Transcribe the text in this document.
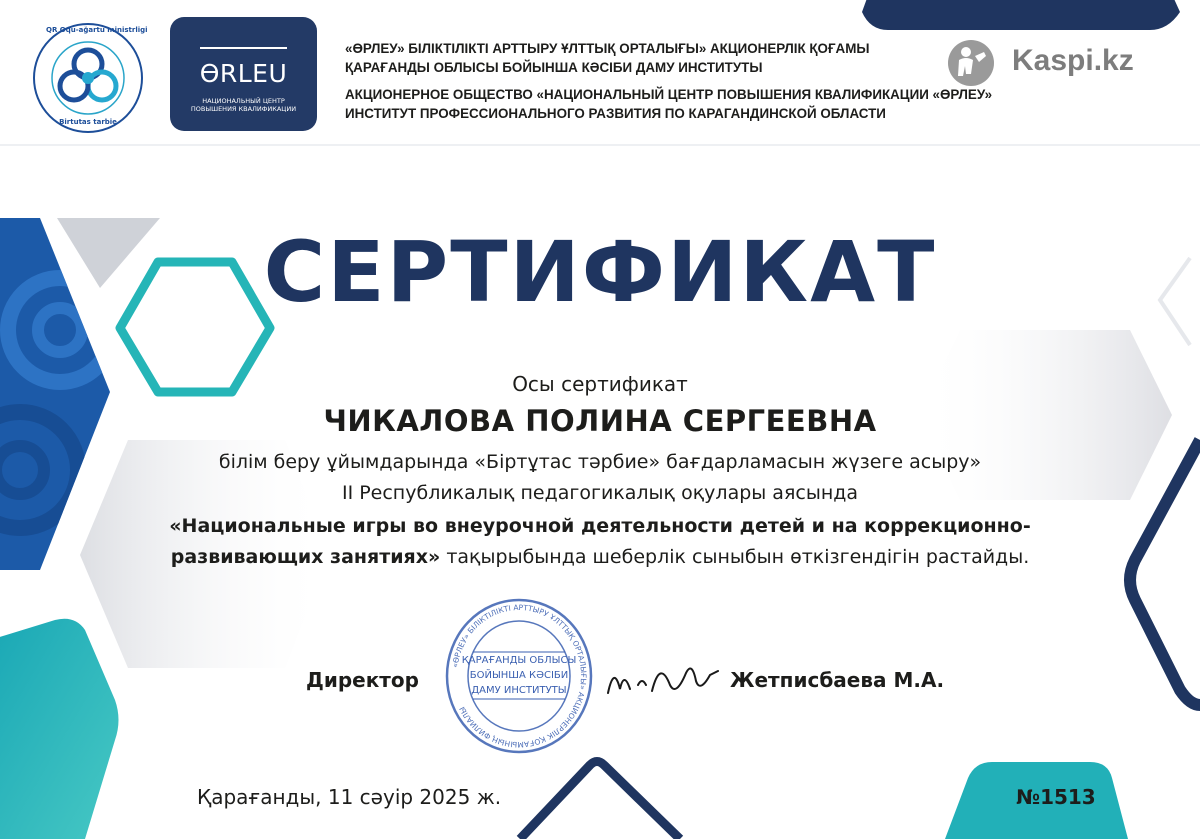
QR Oqu-ağartu ministrligi
Birtutas tarbie
ӨRLEU
НАЦИОНАЛЬНЫЙ ЦЕНТР
ПОВЫШЕНИЯ КВАЛИФИКАЦИИ
«ӨРЛЕУ» БІЛІКТІЛІКТІ АРТТЫРУ ҰЛТТЫҚ ОРТАЛЫҒЫ» АКЦИОНЕРЛІК ҚОҒАМЫ
ҚАРАҒАНДЫ ОБЛЫСЫ БОЙЫНША КӘСІБИ ДАМУ ИНСТИТУТЫ
АКЦИОНЕРНОЕ ОБЩЕСТВО «НАЦИОНАЛЬНЫЙ ЦЕНТР ПОВЫШЕНИЯ КВАЛИФИКАЦИИ «ӨРЛЕУ»
ИНСТИТУТ ПРОФЕССИОНАЛЬНОГО РАЗВИТИЯ ПО КАРАГАНДИНСКОЙ ОБЛАСТИ
Kaspi.kz
СЕРТИФИКАТ
Осы сертификат
ЧИКАЛОВА ПОЛИНА СЕРГЕЕВНА
білім беру ұйымдарында «Біртұтас тәрбие» бағдарламасын жүзеге асыру»
ІІ Республикалық педагогикалық оқулары аясында
«Национальные игры во внеурочной деятельности детей и на коррекционно-
развивающих занятиях» тақырыбында шеберлік сыныбын өткізгендігін растайды.
«ӨРЛЕУ» БІЛІКТІЛІКТІ АРТТЫРУ ҰЛТТЫҚ ОРТАЛЫҒЫ» АКЦИОНЕРЛІК ҚОҒАМЫНЫҢ ФИЛИАЛЫ
ҚАРАҒАНДЫ ОБЛЫСЫ
БОЙЫНША КӘСІБИ
ДАМУ ИНСТИТУТЫ
Директор	Жетписбаева М.А.
Қарағанды, 11 сәуір 2025 ж.	№1513
